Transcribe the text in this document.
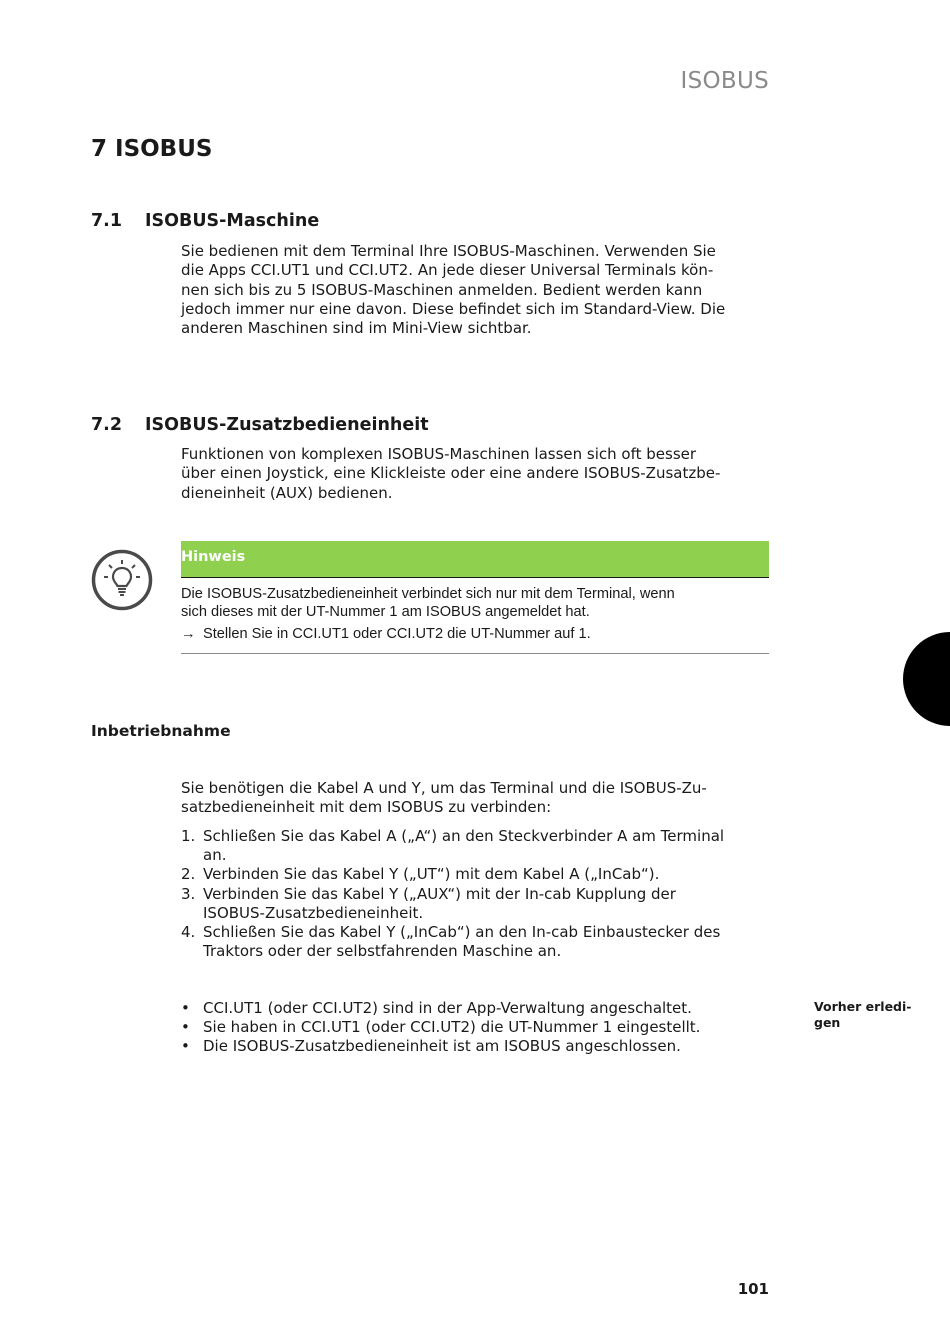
ISOBUS
7 ISOBUS
7.1 ISOBUS-Maschine

Sie bedienen mit dem Terminal Ihre ISOBUS-Maschinen. Verwenden Sie

die Apps CCI.UT1 und CCI.UT2. An jede dieser Universal Terminals kön-

nen sich bis zu 5 ISOBUS-Maschinen anmelden. Bedient werden kann

jedoch immer nur eine davon. Diese befindet sich im Standard-View. Die

anderen Maschinen sind im Mini-View sichtbar.

7.2 ISOBUS-Zusatzbedieneinheit

Funktionen von komplexen ISOBUS-Maschinen lassen sich oft besser

über einen Joystick, eine Klickleiste oder eine andere ISOBUS-Zusatzbe-

dieneinheit (AUX) bedienen.

Hinweis

Die ISOBUS-Zusatzbedieneinheit verbindet sich nur mit dem Terminal, wenn

sich dieses mit der UT-Nummer 1 am ISOBUS angemeldet hat.

→ Stellen Sie in CCI.UT1 oder CCI.UT2 die UT-Nummer auf 1.

Inbetriebnahme

Sie benötigen die Kabel A und Y, um das Terminal und die ISOBUS-Zu-

satzbedieneinheit mit dem ISOBUS zu verbinden:

1. Schließen Sie das Kabel A („A“) an den Steckverbinder A am Terminal
an.
2. Verbinden Sie das Kabel Y („UT“) mit dem Kabel A („InCab“).
3. Verbinden Sie das Kabel Y („AUX“) mit der In-cab Kupplung der
ISOBUS-Zusatzbedieneinheit.
4. Schließen Sie das Kabel Y („InCab“) an den In-cab Einbaustecker des
Traktors oder der selbstfahrenden Maschine an.
• CCI.UT1 (oder CCI.UT2) sind in der App-Verwaltung angeschaltet.
• Sie haben in CCI.UT1 (oder CCI.UT2) die UT-Nummer 1 eingestellt.
• Die ISOBUS-Zusatzbedieneinheit ist am ISOBUS angeschlossen.
Vorher erledi-
gen
101
